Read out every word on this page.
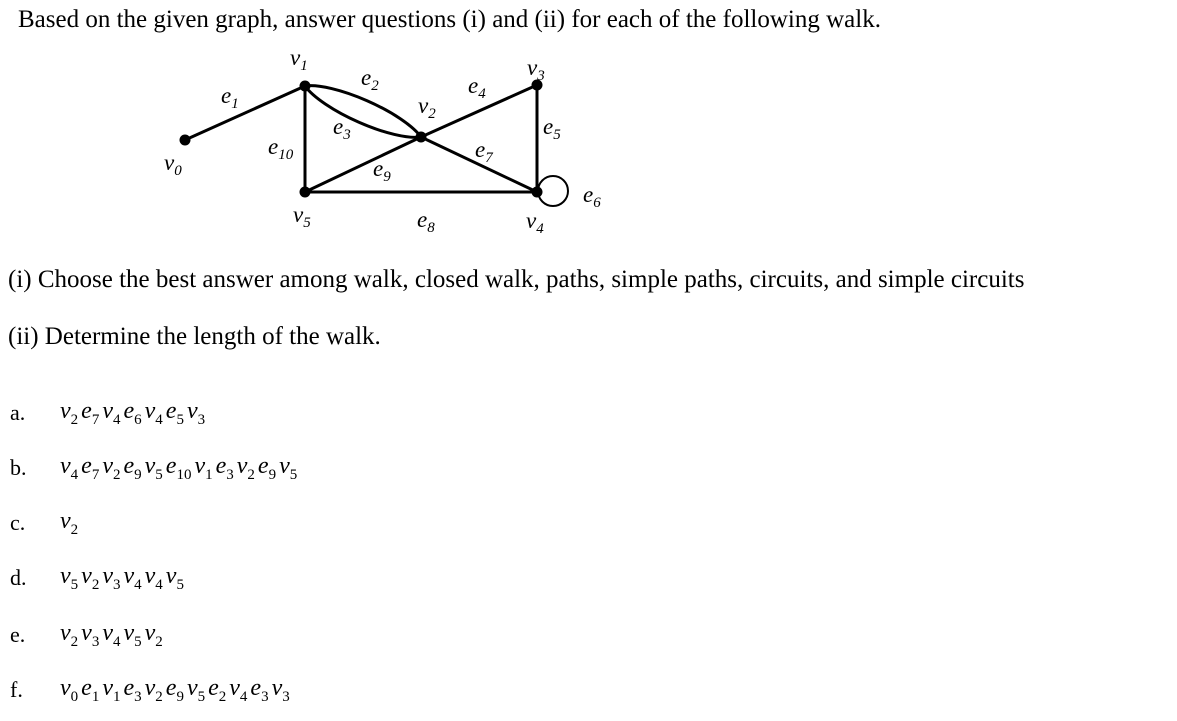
Based on the given graph, answer questions (i) and (ii) for each of the following walk.
$e_1$
$e_2$
$e_3$
$e_4$
$e_5$
$e_6$
$e_7$
$e_8$
$e_9$
$e_{10}$
$v_0$
$v_1$
$v_2$
$v_3$
$v_4$
$v_5$
(i) Choose the best answer among walk, closed walk, paths, simple paths, circuits, and simple circuits
(ii) Determine the length of the walk.
a. $v_2$ $e_7$ $v_4$ $e_6$ $v_4$ $e_5$ $v_3$
b. $v_4$ $e_7$ $v_2$ $e_9$ $v_5$ $e_{10}$ $v_1$ $e_3$ $v_2$ $e_9$ $v_5$
c. $v_2$
d. $v_5$ $v_2$ $v_3$ $v_4$ $v_4$ $v_5$
e. $v_2$ $v_3$ $v_4$ $v_5$ $v_2$
f. $v_0$ $e_1$ $v_1$ $e_3$ $v_2$ $e_9$ $v_5$ $e_2$ $v_4$ $e_3$ $v_3$
